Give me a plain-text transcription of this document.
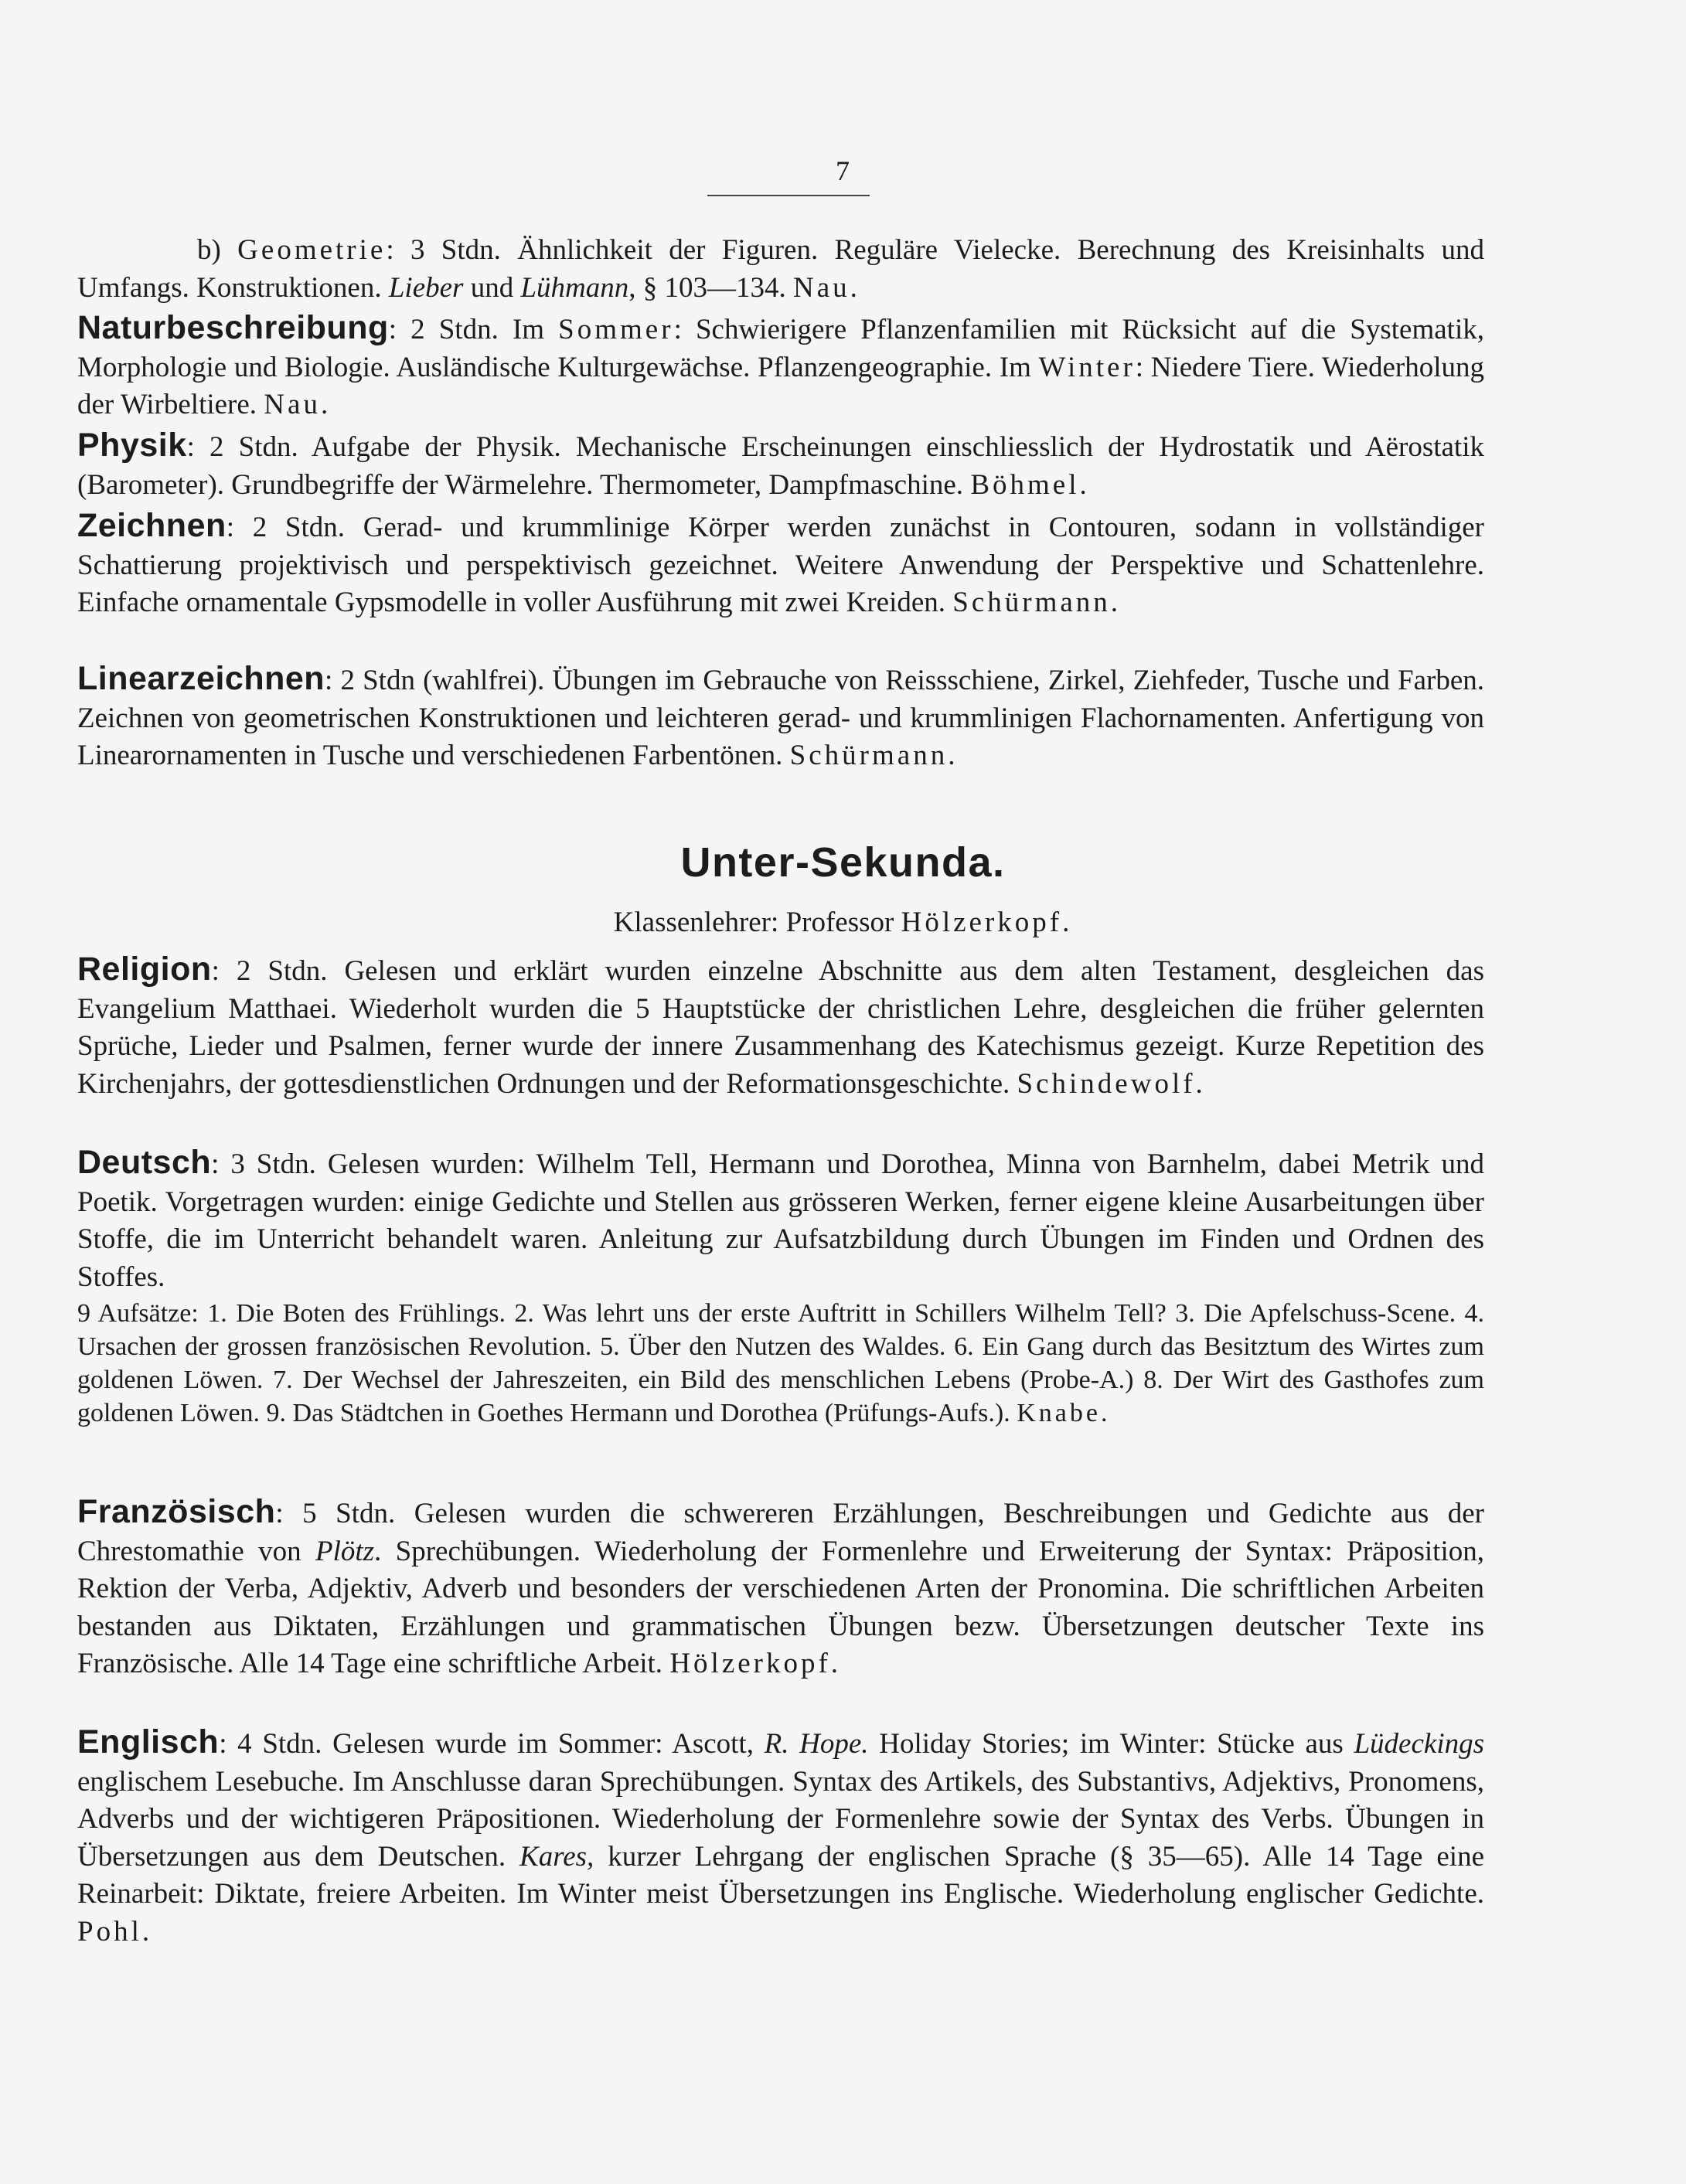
7
b) Geometrie: 3 Stdn. Ähnlichkeit der Figuren. Reguläre Vielecke. Berechnung des Kreisinhalts und Umfangs. Konstruktionen. Lieber und Lühmann, § 103—134. Nau.
Naturbeschreibung: 2 Stdn. Im Sommer: Schwierigere Pflanzenfamilien mit Rücksicht auf die Systematik, Morphologie und Biologie. Ausländische Kulturgewächse. Pflanzengeographie. Im Winter: Niedere Tiere. Wiederholung der Wirbeltiere. Nau.
Physik: 2 Stdn. Aufgabe der Physik. Mechanische Erscheinungen einschliesslich der Hydrostatik und Aërostatik (Barometer). Grundbegriffe der Wärmelehre. Thermometer, Dampfmaschine. Böhmel.
Zeichnen: 2 Stdn. Gerad- und krummlinige Körper werden zunächst in Contouren, sodann in vollständiger Schattierung projektivisch und perspektivisch gezeichnet. Weitere Anwendung der Perspektive und Schattenlehre. Einfache ornamentale Gypsmodelle in voller Ausführung mit zwei Kreiden. Schürmann.
Linearzeichnen: 2 Stdn (wahlfrei). Übungen im Gebrauche von Reissschiene, Zirkel, Ziehfeder, Tusche und Farben. Zeichnen von geometrischen Konstruktionen und leichteren gerad- und krummlinigen Flachornamenten. Anfertigung von Linearornamenten in Tusche und verschiedenen Farbentönen. Schürmann.
Unter-Sekunda.
Klassenlehrer: Professor Hölzerkopf.
Religion: 2 Stdn. Gelesen und erklärt wurden einzelne Abschnitte aus dem alten Testament, desgleichen das Evangelium Matthaei. Wiederholt wurden die 5 Hauptstücke der christlichen Lehre, desgleichen die früher gelernten Sprüche, Lieder und Psalmen, ferner wurde der innere Zusammenhang des Katechismus gezeigt. Kurze Repetition des Kirchenjahrs, der gottesdienstlichen Ordnungen und der Reformationsgeschichte. Schindewolf.
Deutsch: 3 Stdn. Gelesen wurden: Wilhelm Tell, Hermann und Dorothea, Minna von Barnhelm, dabei Metrik und Poetik. Vorgetragen wurden: einige Gedichte und Stellen aus grösseren Werken, ferner eigene kleine Ausarbeitungen über Stoffe, die im Unterricht behandelt waren. Anleitung zur Aufsatzbildung durch Übungen im Finden und Ordnen des Stoffes.
9 Aufsätze: 1. Die Boten des Frühlings. 2. Was lehrt uns der erste Auftritt in Schillers Wilhelm Tell? 3. Die Apfelschuss-Scene. 4. Ursachen der grossen französischen Revolution. 5. Über den Nutzen des Waldes. 6. Ein Gang durch das Besitztum des Wirtes zum goldenen Löwen. 7. Der Wechsel der Jahreszeiten, ein Bild des menschlichen Lebens (Probe-A.) 8. Der Wirt des Gasthofes zum goldenen Löwen. 9. Das Städtchen in Goethes Hermann und Dorothea (Prüfungs-Aufs.). Knabe.
Französisch: 5 Stdn. Gelesen wurden die schwereren Erzählungen, Beschreibungen und Gedichte aus der Chrestomathie von Plötz. Sprechübungen. Wiederholung der Formenlehre und Erweiterung der Syntax: Präposition, Rektion der Verba, Adjektiv, Adverb und besonders der verschiedenen Arten der Pronomina. Die schriftlichen Arbeiten bestanden aus Diktaten, Erzählungen und grammatischen Übungen bezw. Übersetzungen deutscher Texte ins Französische. Alle 14 Tage eine schriftliche Arbeit. Hölzerkopf.
Englisch: 4 Stdn. Gelesen wurde im Sommer: Ascott, R. Hope. Holiday Stories; im Winter: Stücke aus Lüdeckings englischem Lesebuche. Im Anschlusse daran Sprechübungen. Syntax des Artikels, des Substantivs, Adjektivs, Pronomens, Adverbs und der wichtigeren Präpositionen. Wiederholung der Formenlehre sowie der Syntax des Verbs. Übungen in Übersetzungen aus dem Deutschen. Kares, kurzer Lehrgang der englischen Sprache (§ 35—65). Alle 14 Tage eine Reinarbeit: Diktate, freiere Arbeiten. Im Winter meist Übersetzungen ins Englische. Wiederholung englischer Gedichte. Pohl.
